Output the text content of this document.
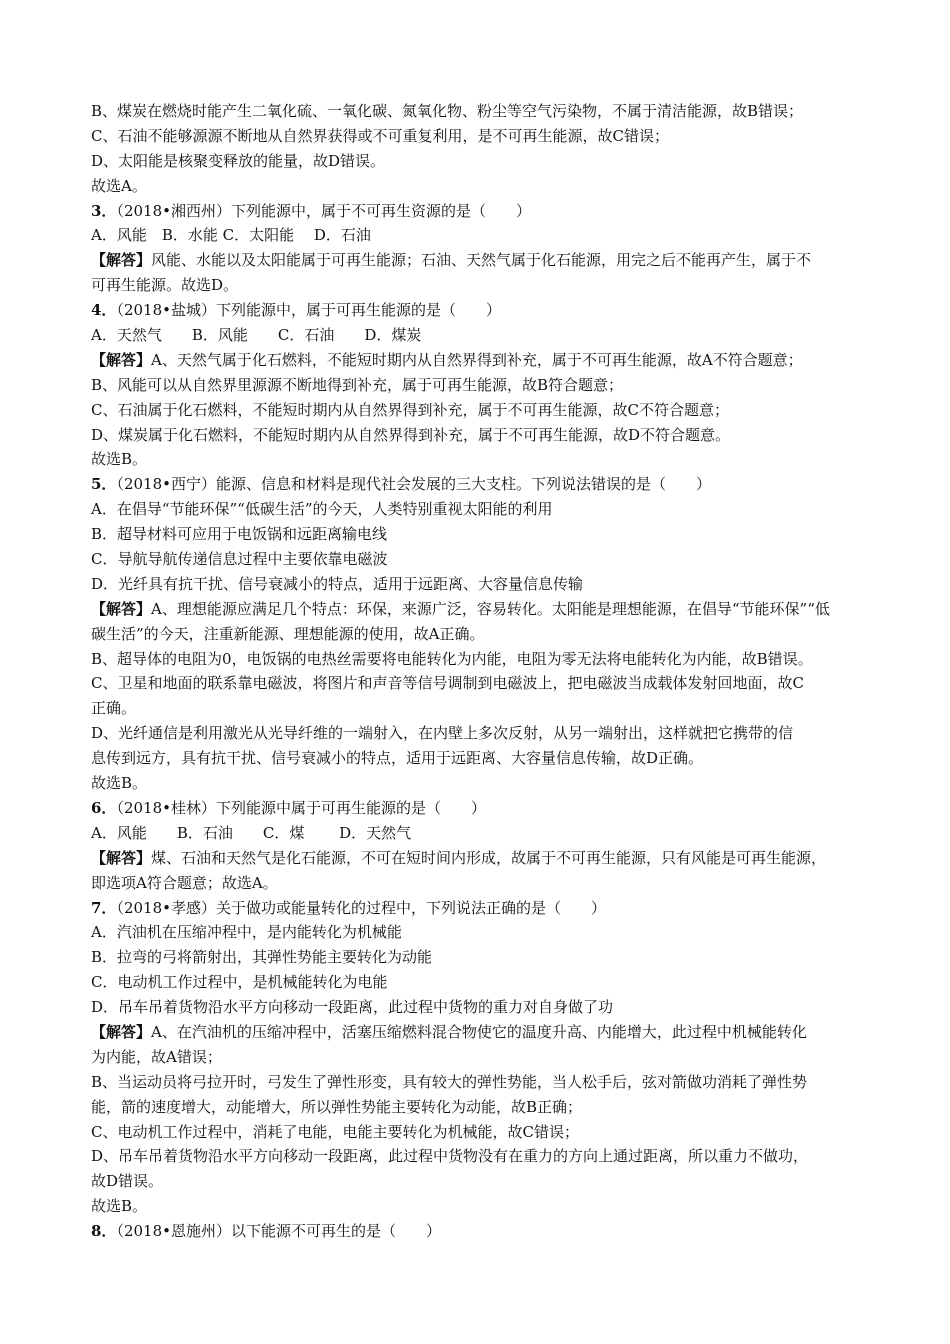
B、煤炭在燃烧时能产生二氧化硫、一氧化碳、氮氧化物、粉尘等空气污染物，不属于清洁能源，故B错误；
C、石油不能够源源不断地从自然界获得或不可重复利用，是不可再生能源，故C错误；
D、太阳能是核聚变释放的能量，故D错误。
故选A。
3．（2018•湘西州）下列能源中，属于不可再生资源的是（　　）
A．风能　B．水能 C．太阳能　 D．石油
【解答】风能、水能以及太阳能属于可再生能源；石油、天然气属于化石能源，用完之后不能再产生，属于不
可再生能源。故选D。
4．（2018•盐城）下列能源中，属于可再生能源的是（　　）
A．天然气　　B．风能　　C．石油　　D．煤炭
【解答】A、天然气属于化石燃料，不能短时期内从自然界得到补充，属于不可再生能源，故A不符合题意；
B、风能可以从自然界里源源不断地得到补充，属于可再生能源，故B符合题意；
C、石油属于化石燃料，不能短时期内从自然界得到补充，属于不可再生能源，故C不符合题意；
D、煤炭属于化石燃料，不能短时期内从自然界得到补充，属于不可再生能源，故D不符合题意。
故选B。
5．（2018•西宁）能源、信息和材料是现代社会发展的三大支柱。下列说法错误的是（　　）
A．在倡导“节能环保”“低碳生活”的今天，人类特别重视太阳能的利用
B．超导材料可应用于电饭锅和远距离输电线
C．导航导航传递信息过程中主要依靠电磁波
D．光纤具有抗干扰、信号衰减小的特点，适用于远距离、大容量信息传输
【解答】A、理想能源应满足几个特点：环保，来源广泛，容易转化。太阳能是理想能源，在倡导“节能环保”“低
碳生活”的今天，注重新能源、理想能源的使用，故A正确。
B、超导体的电阻为0，电饭锅的电热丝需要将电能转化为内能，电阻为零无法将电能转化为内能，故B错误。
C、卫星和地面的联系靠电磁波，将图片和声音等信号调制到电磁波上，把电磁波当成载体发射回地面，故C
正确。
D、光纤通信是利用激光从光导纤维的一端射入，在内壁上多次反射，从另一端射出，这样就把它携带的信
息传到远方，具有抗干扰、信号衰减小的特点，适用于远距离、大容量信息传输，故D正确。
故选B。
6．（2018•桂林）下列能源中属于可再生能源的是（　　）
A．风能　　B．石油　　C．煤　　 D．天然气
【解答】煤、石油和天然气是化石能源，不可在短时间内形成，故属于不可再生能源，只有风能是可再生能源，
即选项A符合题意；故选A。
7．（2018•孝感）关于做功或能量转化的过程中，下列说法正确的是（　　）
A．汽油机在压缩冲程中，是内能转化为机械能
B．拉弯的弓将箭射出，其弹性势能主要转化为动能
C．电动机工作过程中，是机械能转化为电能
D．吊车吊着货物沿水平方向移动一段距离，此过程中货物的重力对自身做了功
【解答】A、在汽油机的压缩冲程中，活塞压缩燃料混合物使它的温度升高、内能增大，此过程中机械能转化
为内能，故A错误；
B、当运动员将弓拉开时，弓发生了弹性形变，具有较大的弹性势能，当人松手后，弦对箭做功消耗了弹性势
能，箭的速度增大，动能增大，所以弹性势能主要转化为动能，故B正确；
C、电动机工作过程中，消耗了电能，电能主要转化为机械能，故C错误；
D、吊车吊着货物沿水平方向移动一段距离，此过程中货物没有在重力的方向上通过距离，所以重力不做功，
故D错误。
故选B。
8．（2018•恩施州）以下能源不可再生的是（　　）
